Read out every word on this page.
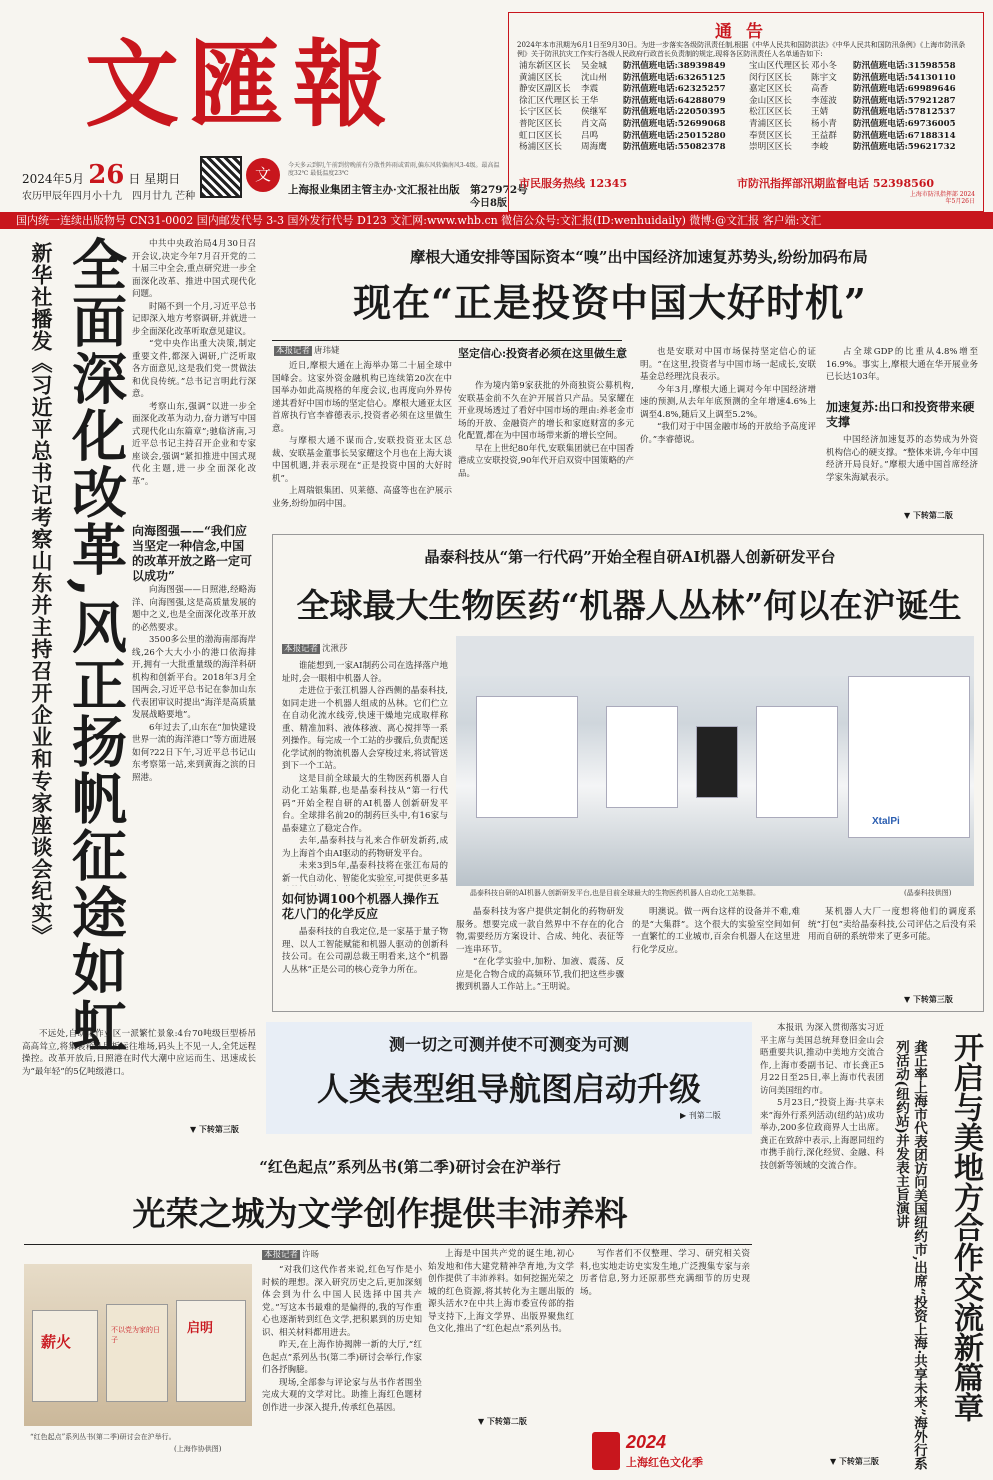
文匯報
2024年5月 26 日 星期日
农历甲辰年四月小十九　四月廿九 芒种
文	今天多云到阴,午前到傍晚前有分散性阵雨或雷雨,偏东风转偏南风3-4级。最高温度32℃ 最低温度23℃
上海报业集团主管主办·文汇报社出版　第27972号
今日8版
通告
2024年本市汛期为6月1日至9月30日。为进一步落实各级防汛责任制,根据《中华人民共和国防洪法》《中华人民共和国防汛条例》《上海市防汛条例》关于防汛抗灾工作实行各级人民政府行政首长负责制的规定,现将各区防汛责任人名单通告如下:
浦东新区区长	吴金城	防汛值班电话:38939849	宝山区代理区长 邓小冬	防汛值班电话:31598558
黄浦区区长	沈山州	防汛值班电话:63265125	闵行区区长	陈宇文	防汛值班电话:54130110
静安区副区长	李震	防汛值班电话:62325257	嘉定区区长	高香	防汛值班电话:69989646
徐汇区代理区长 王华	防汛值班电话:64288079	金山区区长	李莲波	防汛值班电话:57921287
长宁区区长	侯继军	防汛值班电话:22050395	松江区区长	王婧	防汛值班电话:57812537
普陀区区长	肖文高	防汛值班电话:52699068	青浦区区长	杨小青	防汛值班电话:69736005
虹口区区长	吕鸣	防汛值班电话:25015280	奉贤区区长	王益群	防汛值班电话:67188314
杨浦区区长	周海鹰	防汛值班电话:55082378	崇明区区长	李峻	防汛值班电话:59621732
市民服务热线 12345	市防汛指挥部汛期监督电话 52398560
上海市防汛指挥部 2024年5月26日
国内统一连续出版物号 CN31-0002 国内邮发代号 3-3 国外发行代号 D123 文汇网:www.whb.cn 微信公众号:文汇报(ID:wenhuidaily) 微博:@文汇报 客户端:文汇
新华社播发《习近平总书记考察山东并主持召开企业和专家座谈会纪实》 全面深化改革,风正扬帆征途如虹	中共中央政治局4月30日召开会议,决定今年7月召开党的二十届三中全会,重点研究进一步全面深化改革、推进中国式现代化问题。

时隔不到一个月,习近平总书记即深入地方考察调研,并就进一步全面深化改革听取意见建议。

“党中央作出重大决策,制定重要文件,都深入调研,广泛听取各方面意见,这是我们党一贯做法和优良传统。”总书记言明此行深意。

考察山东,强调“以进一步全面深化改革为动力,奋力谱写中国式现代化山东篇章”;驰临济南,习近平总书记主持召开企业和专家座谈会,强调“紧扣推进中国式现代化主题,进一步全面深化改革”。

向海图强——“我们应当坚定一种信念,中国的改革开放之路一定可以成功”

向海图强——日照港,经略海洋、向海图强,这是高质量发展的题中之义,也是全面深化改革开放的必然要求。

3500多公里的渤海南部海岸线,26个大大小小的港口依海排开,拥有一大批重量级的海洋科研机构和创新平台。2018年3月全国两会,习近平总书记在参加山东代表团审议时提出“海洋是高质量发展战略要地”。

6年过去了,山东在“加快建设世界一流的海洋港口”等方面进展如何?22日下午,习近平总书记山东考察第一站,来到黄海之滨的日照港。

不远处,自动化作业区一派繁忙景象:4台70吨级巨型桥吊高高耸立,将集装箱从甲板运往堆场,码头上不见一人,全凭远程操控。改革开放后,日照港在时代大潮中应运而生、迅速成长为“最年轻”的5亿吨级港口。

▼ 下转第三版
摩根大通安排等国际资本“嗅”出中国经济加速复苏势头,纷纷加码布局
现在“正是投资中国大好时机”
本报记者 唐玮婕

近日,摩根大通在上海举办第二十届全球中国峰会。这家外资金融机构已连续第20次在中国举办如此高规格的年度会议,也再度向外界传递其看好中国市场的坚定信心。摩根大通亚太区首席执行官李睿德表示,投资者必须在这里做生意。

与摩根大通不谋而合,安联投资亚太区总裁、安联基金董事长吴家耀这个月也在上海大谈中国机遇,并表示现在“正是投资中国的大好时机”。

上周瑞银集团、贝莱德、高盛等也在沪展示业务,纷纷加码中国。

坚定信心:投资者必须在这里做生意

作为境内第9家获批的外商独资公募机构,安联基金前不久在沪开展首只产品。吴家耀在开业现场透过了看好中国市场的理由:养老金市场的开放、金融资产的增长和家庭财富的多元化配置,都在为中国市场带来新的增长空间。

早在上世纪80年代,安联集团就已在中国香港成立安联投资,90年代开启双资中国策略的产品。

也是安联对中国市场保持坚定信心的证明。“在这里,投资者与中国市场一起成长,安联基金总经理沈良表示。

今年3月,摩根大通上调对今年中国经济增速的预测,从去年年底预测的全年增速4.6%上调至4.8%,随后又上调至5.2%。

“我们对于中国金融市场的开放给予高度评价。”李睿德说。

占全球GDP的比重从4.8%增至16.9%。事实上,摩根大通在华开展业务已长达103年。

加速复苏:出口和投资带来硬支撑

中国经济加速复苏的态势成为外资机构信心的硬支撑。“整体来讲,今年中国经济开局良好。”摩根大通中国首席经济学家朱海斌表示。

▼ 下转第二版
晶泰科技从“第一行代码”开始全程自研AI机器人创新研发平台
全球最大生物医药“机器人丛林”何以在沪诞生
本报记者 沈湫莎

谁能想到,一家AI制药公司在选择落户地址时,会一眼相中机器人谷。

走进位于张江机器人谷西侧的晶泰科技,如同走进一个机器人组成的丛林。它们伫立在自动化流水线旁,快速干燥地完成取样称重、精准加料、液体移液、离心搅拌等一系列操作。每完成一个工站的步骤后,负责配送化学试剂的物流机器人会穿梭过来,将试管送到下一个工站。

这是目前全球最大的生物医药机器人自动化工站集群,也是晶泰科技从“第一行代码”开始全程自研的AI机器人创新研发平台。全球排名前20的制药巨头中,有16家与晶泰建立了稳定合作。

去年,晶泰科技与礼来合作研发新药,成为上海首个由AI驱动的药物研发平台。

未来3到5年,晶泰科技将在张江布局的新一代自动化、智能化实验室,可提供更多基

XtalPi
晶泰科技自研的AI机器人创新研发平台,也是目前全球最大的生物医药机器人自动化工站集群。	(晶泰科技供图)
如何协调100个机器人操作五花八门的化学反应

晶泰科技的自我定位,是一家基于量子物理、以人工智能赋能和机器人驱动的创新科技公司。在公司副总裁王明看来,这个“机器人丛林”正是公司的核心竞争力所在。

晶泰科技为客户提供定制化的药物研发服务。想要完成一款自然界中不存在的化合物,需要经历方案设计、合成、纯化、表征等一连串环节。

“在化学实验中,加粉、加液、震荡、反应是化合物合成的高频环节,我们把这些步骤搬到机器人工作站上。”王明说。

明澳说。做一两台这样的设备并不难,难的是“大集群”。这个很大的实验室空间如何一直繁忙的工业城市,百余台机器人在这里进行化学反应。

某机器人大厂一度想将他们的调度系统“打包”卖给晶泰科技,公司评估之后没有采用而自研的系统带来了更多可能。

▼ 下转第三版
测一切之可测并使不可测变为可测
人类表型组导航图启动升级
▶ 刊第二版
“红色起点”系列丛书(第二季)研讨会在沪举行
光荣之城为文学创作提供丰沛养料
本报记者 许旸
薪火
不以党为家的日子
启明
“红色起点”系列丛书(第二季)研讨会在沪举行。
(上海作协供图)

“对我们这代作者来说,红色写作是小时候的理想。深入研究历史之后,更加深刻体会到为什么中国人民选择中国共产党。”写这本书最难的是偏得的,我的写作重心也逐渐转到红色文学,把积累到的历史知识、相关材料都用进去。

昨天,在上海作协揭牌一新的大厅,“红色起点”系列丛书(第二季)研讨会举行,作家们各抒胸臆。

现场,全部参与评论家与丛书作者围坐完成大观的文学对比。助推上海红色题材创作进一步深入提升,传承红色基因。

上海是中国共产党的诞生地,初心始发地和伟大建党精神孕育地,为文学创作提供了丰沛养料。如何挖掘光荣之城的红色资源,将其转化为主题出版的源头活水?在中共上海市委宣传部的指导支持下,上海文学界、出版界聚焦红色文化,推出了“红色起点”系列丛书。

写作者们不仅整理、学习、研究相关资料,也实地走访史实发生地,广泛搜集专家与亲历者信息,努力还原那些充满细节的历史现场。

▼ 下转第二版
2024
上海红色文化季
开启与美地方合作交流新篇章
龚正率上海市代表团访问美国纽约市,出席“投资上海·共享未来”海外行系列活动(纽约站)并发表主旨演讲

本报讯 为深入贯彻落实习近平主席与美国总统拜登旧金山会晤重要共识,推动中美地方交流合作,上海市委副书记、市长龚正5月22日至25日,率上海市代表团访问美国纽约市。

5月23日,“投资上海·共享未来”海外行系列活动(纽约站)成功举办,200多位政商界人士出席。龚正在致辞中表示,上海愿同纽约市携手前行,深化经贸、金融、科技创新等领域的交流合作。

▼ 下转第三版
